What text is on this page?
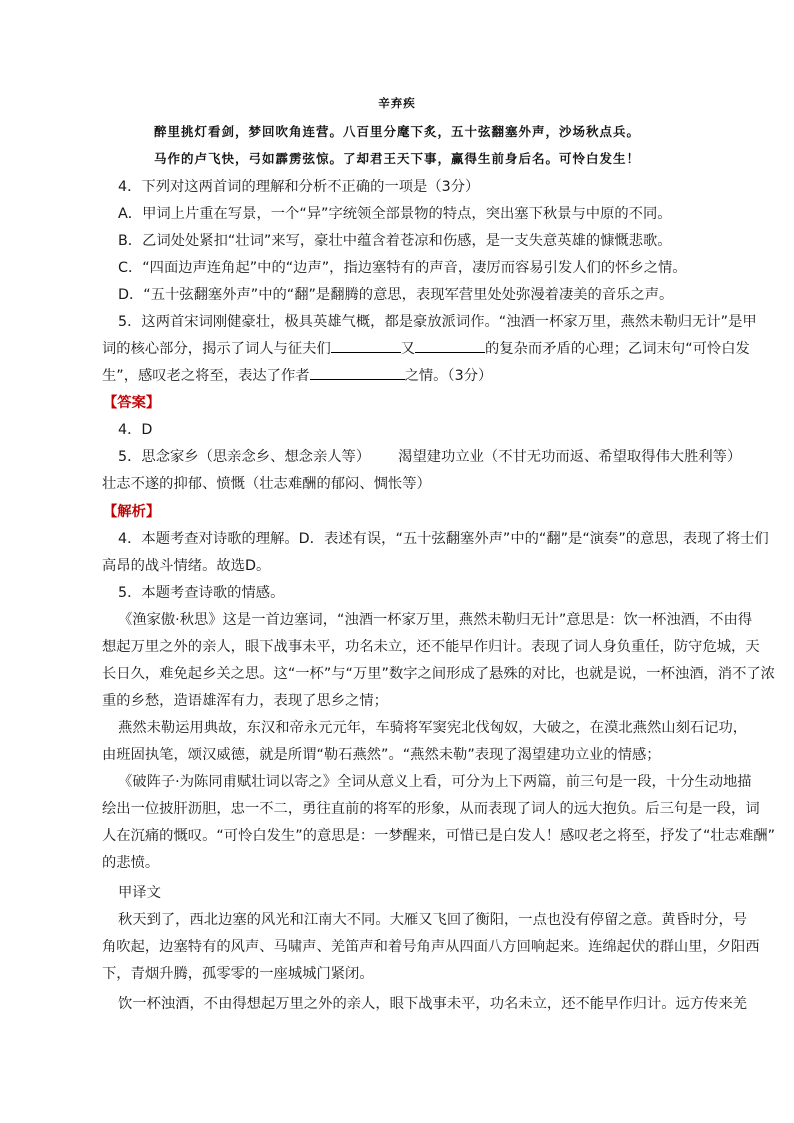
辛弃疾
醉里挑灯看剑，梦回吹角连营。八百里分麾下炙，五十弦翻塞外声，沙场秋点兵。
马作的卢飞快，弓如霹雳弦惊。了却君王天下事，赢得生前身后名。可怜白发生！
4．下列对这两首词的理解和分析不正确的一项是（3分）
A．甲词上片重在写景，一个“异”字统领全部景物的特点，突出塞下秋景与中原的不同。
B．乙词处处紧扣“壮词”来写，豪壮中蕴含着苍凉和伤感，是一支失意英雄的慷慨悲歌。
C．“四面边声连角起”中的“边声”，指边塞特有的声音，凄厉而容易引发人们的怀乡之情。
D．“五十弦翻塞外声”中的“翻”是翻腾的意思，表现军营里处处弥漫着凄美的音乐之声。
5．这两首宋词刚健豪壮，极具英雄气概，都是豪放派词作。“浊酒一杯家万里，燕然未勒归无计”是甲
词的核心部分，揭示了词人与征夫们	又	的复杂而矛盾的心理；乙词末句“可怜白发
生”，感叹老之将至，表达了作者	之情。（3分）
【答案】
4．D
5．思念家乡（思亲念乡、想念亲人等） 渴望建功立业（不甘无功而返、希望取得伟大胜利等）
壮志不遂的抑郁、愤慨（壮志难酬的郁闷、惆怅等）
【解析】
4．本题考查对诗歌的理解。D．表述有误，“五十弦翻塞外声”中的“翻”是“演奏”的意思，表现了将士们
高昂的战斗情绪。故选D。
5．本题考查诗歌的情感。
《渔家傲·秋思》这是一首边塞词，“浊酒一杯家万里，燕然未勒归无计”意思是：饮一杯浊酒，不由得
想起万里之外的亲人，眼下战事未平，功名未立，还不能早作归计。表现了词人身负重任，防守危城，天
长日久，难免起乡关之思。这“一杯”与“万里”数字之间形成了悬殊的对比，也就是说，一杯浊酒，消不了浓
重的乡愁，造语雄浑有力，表现了思乡之情；
燕然未勒运用典故，东汉和帝永元元年，车骑将军窦宪北伐匈奴，大破之，在漠北燕然山刻石记功，
由班固执笔，颂汉威德，就是所谓“勒石燕然”。“燕然未勒”表现了渴望建功立业的情感；
《破阵子·为陈同甫赋壮词以寄之》全词从意义上看，可分为上下两篇，前三句是一段，十分生动地描
绘出一位披肝沥胆，忠一不二，勇往直前的将军的形象，从而表现了词人的远大抱负。后三句是一段，词
人在沉痛的慨叹。“可怜白发生”的意思是：一梦醒来，可惜已是白发人！感叹老之将至，抒发了“壮志难酬”
的悲愤。
甲译文
秋天到了，西北边塞的风光和江南大不同。大雁又飞回了衡阳，一点也没有停留之意。黄昏时分，号
角吹起，边塞特有的风声、马啸声、羌笛声和着号角声从四面八方回响起来。连绵起伏的群山里，夕阳西
下，青烟升腾，孤零零的一座城城门紧闭。
饮一杯浊酒，不由得想起万里之外的亲人，眼下战事未平，功名未立，还不能早作归计。远方传来羌
